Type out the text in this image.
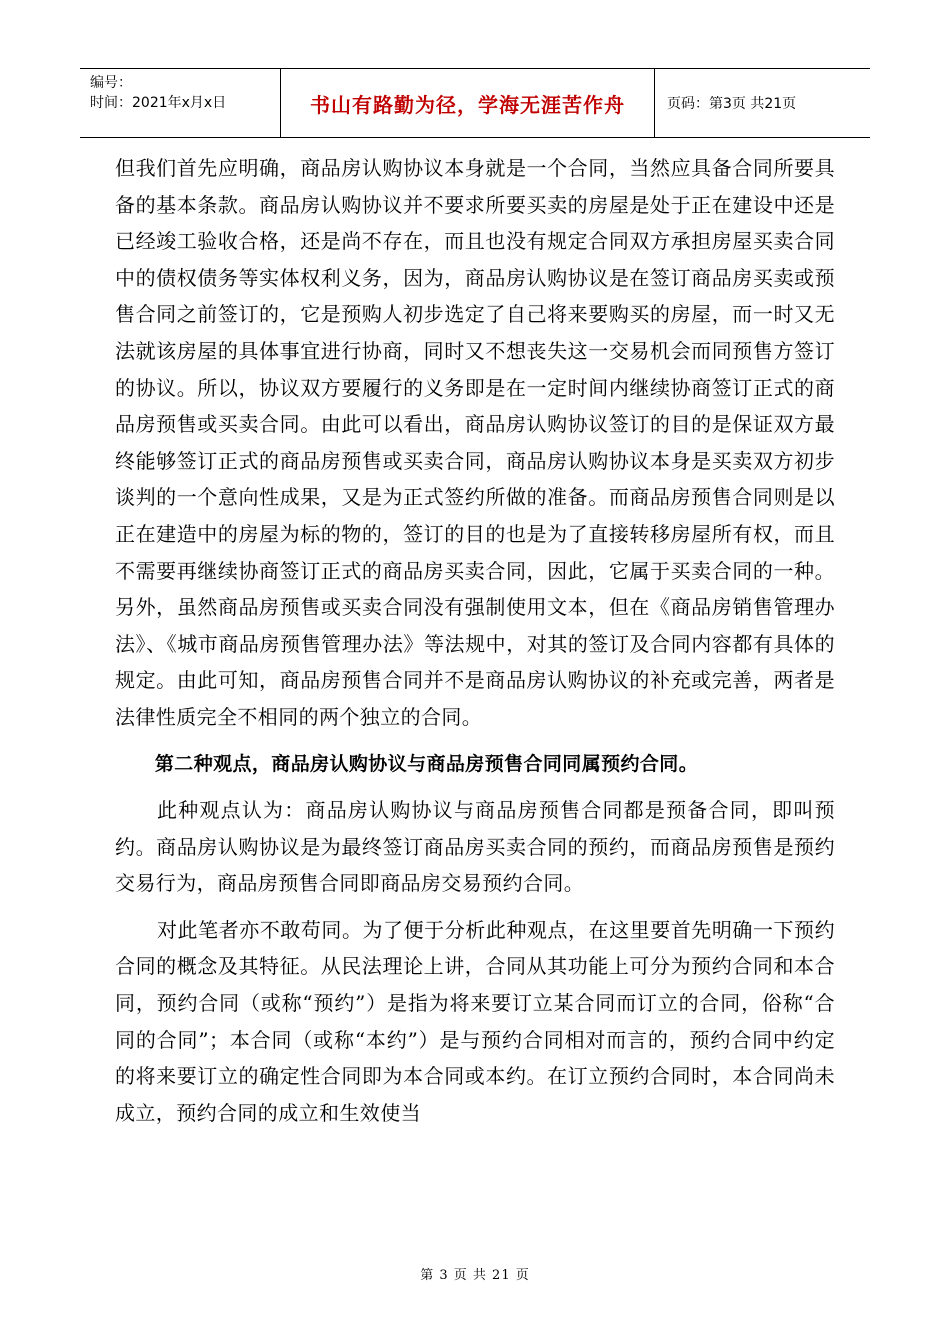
编号：
时间：2021年x月x日	书山有路勤为径，学海无涯苦作舟	页码：第3页 共21页

但我们首先应明确，商品房认购协议本身就是一个合同，当然应具备合同所要具备的基本条款。商品房认购协议并不要求所要买卖的房屋是处于正在建设中还是已经竣工验收合格，还是尚不存在，而且也没有规定合同双方承担房屋买卖合同中的债权债务等实体权利义务，因为，商品房认购协议是在签订商品房买卖或预售合同之前签订的，它是预购人初步选定了自己将来要购买的房屋，而一时又无法就该房屋的具体事宜进行协商，同时又不想丧失这一交易机会而同预售方签订的协议。所以，协议双方要履行的义务即是在一定时间内继续协商签订正式的商品房预售或买卖合同。由此可以看出，商品房认购协议签订的目的是保证双方最终能够签订正式的商品房预售或买卖合同，商品房认购协议本身是买卖双方初步谈判的一个意向性成果，又是为正式签约所做的准备。而商品房预售合同则是以正在建造中的房屋为标的物的，签订的目的也是为了直接转移房屋所有权，而且不需要再继续协商签订正式的商品房买卖合同，因此，它属于买卖合同的一种。另外，虽然商品房预售或买卖合同没有强制使用文本，但在《商品房销售管理办法》、《城市商品房预售管理办法》等法规中，对其的签订及合同内容都有具体的规定。由此可知，商品房预售合同并不是商品房认购协议的补充或完善，两者是法律性质完全不相同的两个独立的合同。

第二种观点，商品房认购协议与商品房预售合同同属预约合同。

此种观点认为：商品房认购协议与商品房预售合同都是预备合同，即叫预约。商品房认购协议是为最终签订商品房买卖合同的预约，而商品房预售是预约交易行为，商品房预售合同即商品房交易预约合同。

对此笔者亦不敢苟同。为了便于分析此种观点，在这里要首先明确一下预约合同的概念及其特征。从民法理论上讲，合同从其功能上可分为预约合同和本合同，预约合同（或称“预约”）是指为将来要订立某合同而订立的合同，俗称“合同的合同”；本合同（或称“本约”）是与预约合同相对而言的，预约合同中约定的将来要订立的确定性合同即为本合同或本约。在订立预约合同时，本合同尚未成立，预约合同的成立和生效使当

第 3 页 共 21 页
